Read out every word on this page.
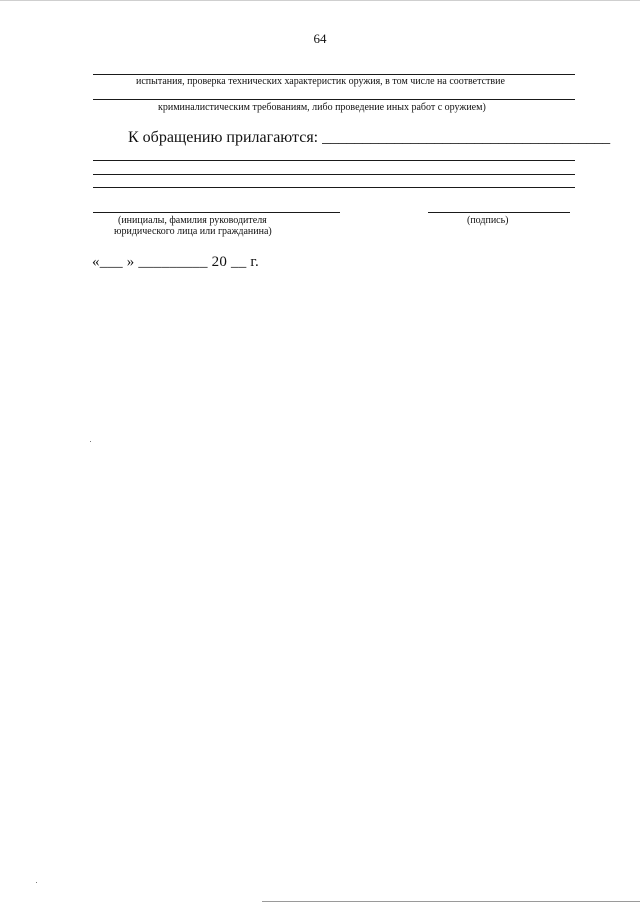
64
испытания, проверка технических характеристик оружия, в том числе на соответствие
криминалистическим требованиям, либо проведение иных работ с оружием)
К обращению прилагаются: ____________________________________
(инициалы, фамилия руководителя
юридического лица или гражданина)
(подпись)
«___ » _________ 20 __ г.
